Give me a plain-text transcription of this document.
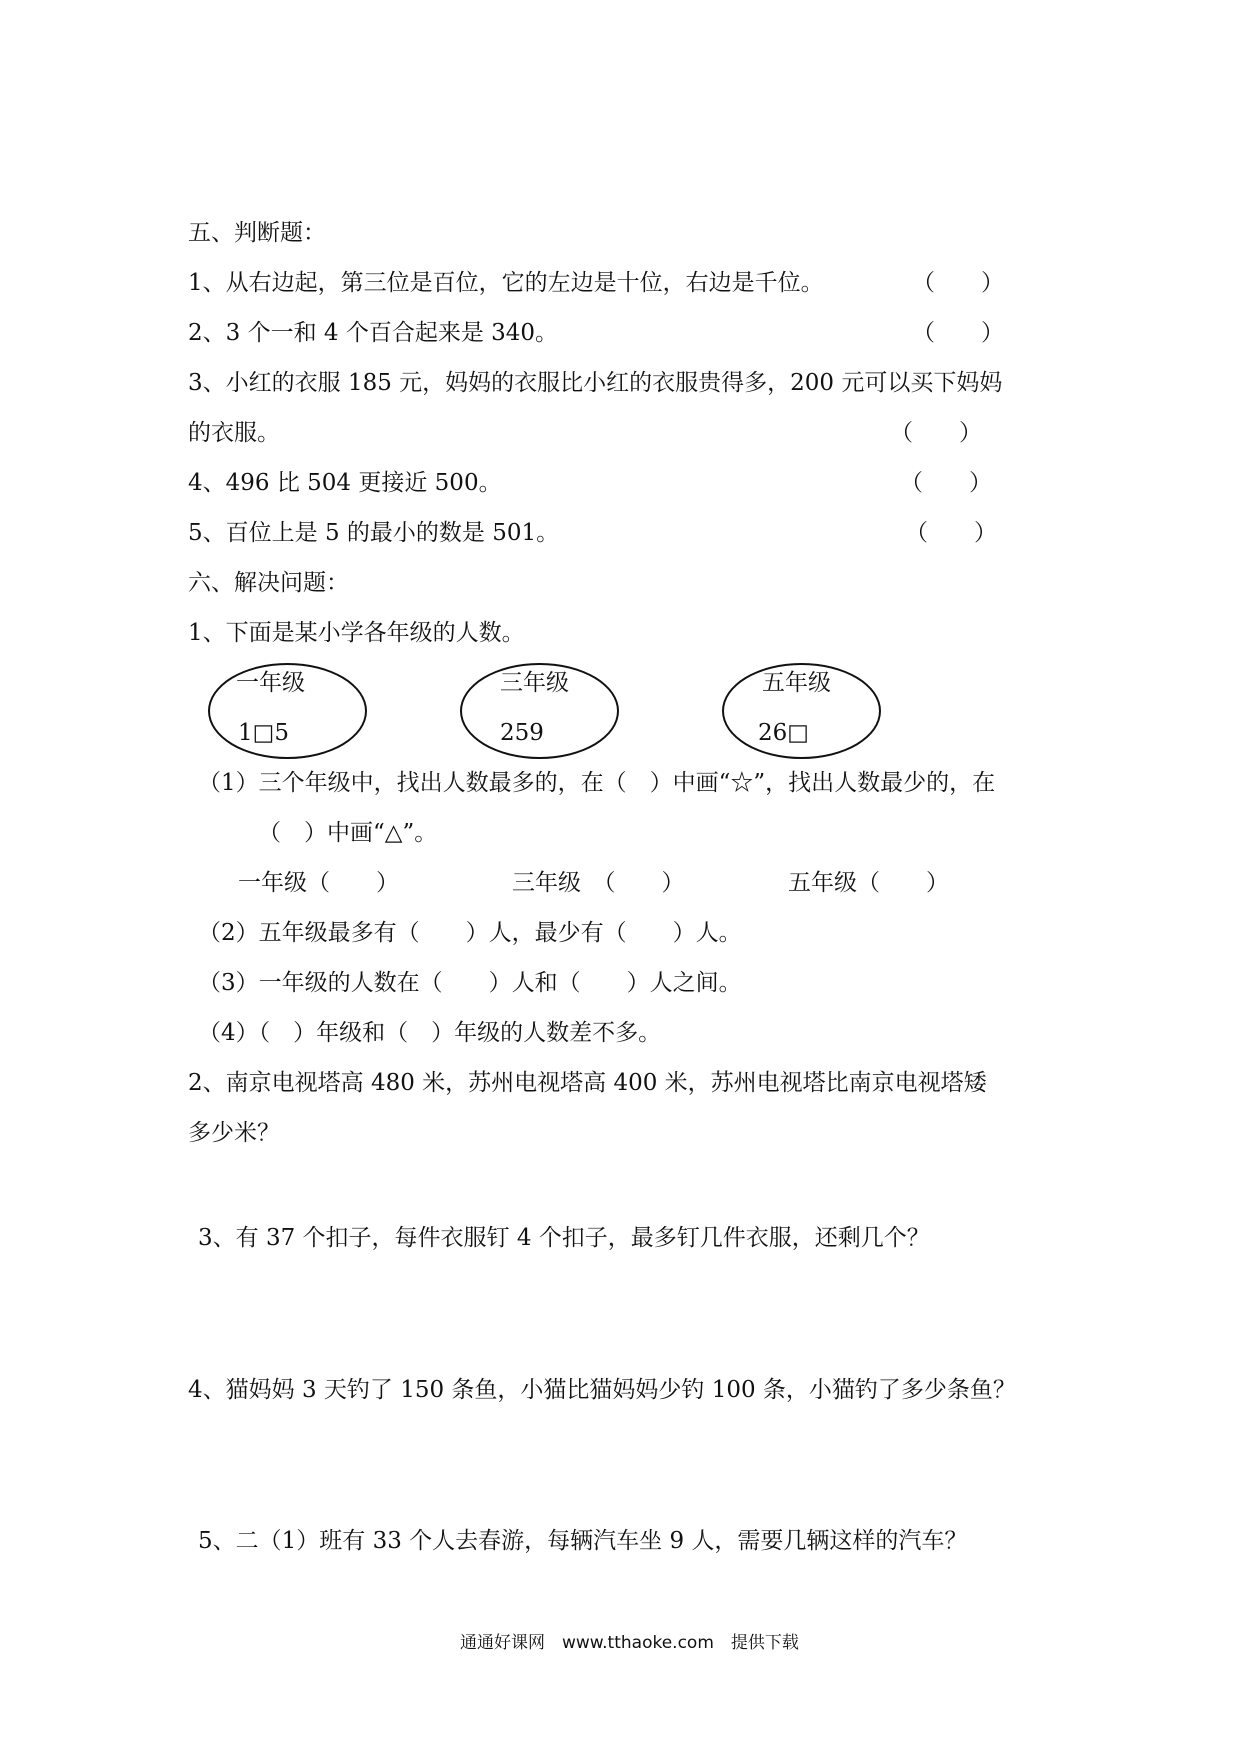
五、判断题：
1、从右边起，第三位是百位，它的左边是十位，右边是千位。	（　　）
2、3 个一和 4 个百合起来是 340。	（　　）
3、小红的衣服 185 元，妈妈的衣服比小红的衣服贵得多，200 元可以买下妈妈
的衣服。	（　　）
4、496 比 504 更接近 500。	（　　）
5、百位上是 5 的最小的数是 501。	（　　）
六、解决问题：
1、下面是某小学各年级的人数。
一年级
1□5
三年级
259
五年级
26□
（1）三个年级中，找出人数最多的，在（　）中画“☆”，找出人数最少的，在
（　）中画“△”。
一年级（　　）	三年级　（　　）	五年级（　　）
（2）五年级最多有（　　）人，最少有（　　）人。
（3）一年级的人数在（　　）人和（　　）人之间。
（4）（　）年级和（　）年级的人数差不多。
2、南京电视塔高 480 米，苏州电视塔高 400 米，苏州电视塔比南京电视塔矮
多少米？
3、有 37 个扣子，每件衣服钉 4 个扣子，最多钉几件衣服，还剩几个？
4、猫妈妈 3 天钓了 150 条鱼，小猫比猫妈妈少钓 100 条，小猫钓了多少条鱼？
5、二（1）班有 33 个人去春游，每辆汽车坐 9 人，需要几辆这样的汽车？
通通好课网　www.tthaoke.com　提供下载
